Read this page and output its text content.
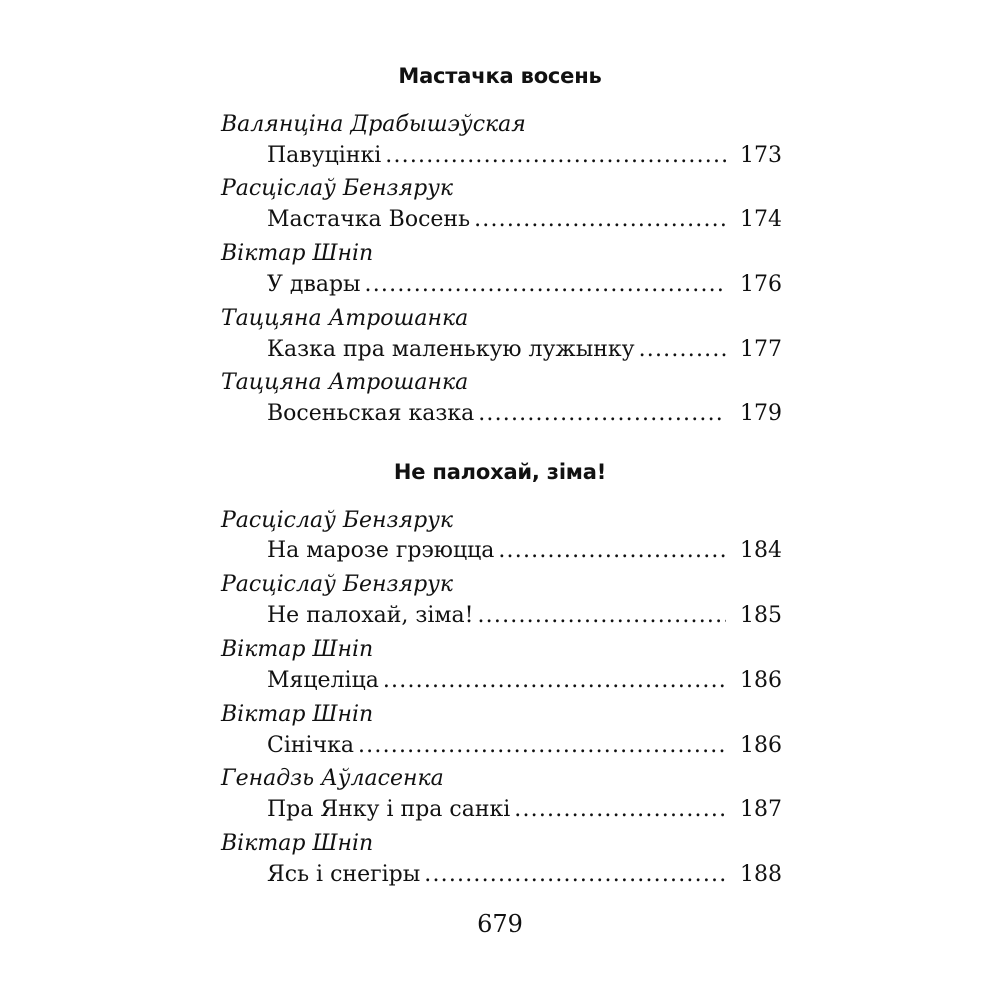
Мастачка восень
Валянціна Драбышэўская
Павуцінкі .....	173
Расціслаў Бензярук
Мастачка Восень .....	174
Віктар Шніп
У двары .....	176
Таццяна Атрошанка
Казка пра маленькую лужынку .....	177
Таццяна Атрошанка
Восеньская казка .....	179
Не палохай, зіма!
Расціслаў Бензярук
На марозе грэюцца .....	184
Расціслаў Бензярук
Не палохай, зіма! .....	185
Віктар Шніп
Мяцеліца .....	186
Віктар Шніп
Сінічка .....	186
Генадзь Аўласенка
Пра Янку і пра санкі .....	187
Віктар Шніп
Ясь і снегіры .....	188
679
